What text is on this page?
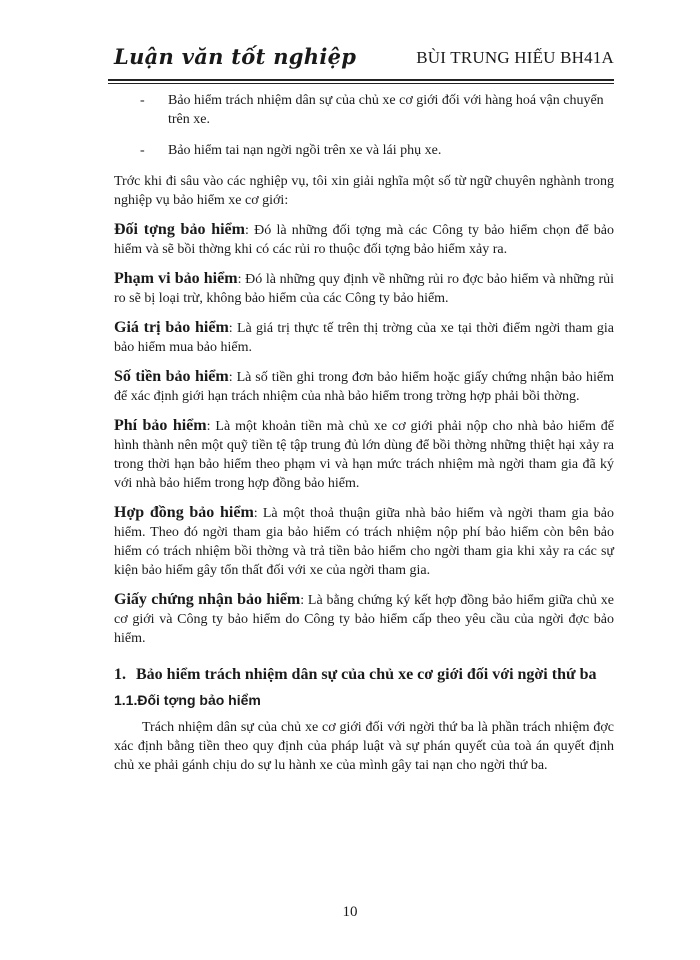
Luận văn tốt nghiệp	BÙI TRUNG HIẾU BH41A
- Bảo hiểm trách nhiệm dân sự của chủ xe cơ giới đối với hàng hoá vận chuyển trên xe.
- Bảo hiểm tai nạn ngời ngồi trên xe và lái phụ xe.

Trớc khi đi sâu vào các nghiệp vụ, tôi xin giải nghĩa một số từ ngữ chuyên nghành trong nghiệp vụ bảo hiểm xe cơ giới:

Đối tợng bảo hiểm: Đó là những đối tợng mà các Công ty bảo hiểm chọn để bảo hiểm và sẽ bồi thờng khi có các rủi ro thuộc đối tợng bảo hiểm xảy ra.

Phạm vi bảo hiểm: Đó là những quy định về những rủi ro đợc bảo hiểm và những rủi ro sẽ bị loại trừ, không bảo hiểm của các Công ty bảo hiểm.

Giá trị bảo hiểm: Là giá trị thực tế trên thị trờng của xe tại thời điểm ngời tham gia bảo hiểm mua bảo hiểm.

Số tiền bảo hiểm: Là số tiền ghi trong đơn bảo hiểm hoặc giấy chứng nhận bảo hiểm để xác định giới hạn trách nhiệm của nhà bảo hiểm trong trờng hợp phải bồi thờng.

Phí bảo hiểm: Là một khoản tiền mà chủ xe cơ giới phải nộp cho nhà bảo hiểm để hình thành nên một quỹ tiền tệ tập trung đủ lớn dùng để bồi thờng những thiệt hại xảy ra trong thời hạn bảo hiểm theo phạm vi và hạn mức trách nhiệm mà ngời tham gia đã ký với nhà bảo hiểm trong hợp đồng bảo hiểm.

Hợp đồng bảo hiểm: Là một thoả thuận giữa nhà bảo hiểm và ngời tham gia bảo hiểm. Theo đó ngời tham gia bảo hiểm có trách nhiệm nộp phí bảo hiểm còn bên bảo hiểm có trách nhiệm bồi thờng và trả tiền bảo hiểm cho ngời tham gia khi xảy ra các sự kiện bảo hiểm gây tổn thất đối với xe của ngời tham gia.

Giấy chứng nhận bảo hiểm: Là bằng chứng ký kết hợp đồng bảo hiểm giữa chủ xe cơ giới và Công ty bảo hiểm do Công ty bảo hiểm cấp theo yêu cầu của ngời đợc bảo hiểm.

1. Bảo hiểm trách nhiệm dân sự của chủ xe cơ giới đối với ngời thứ ba
1.1.Đối tợng bảo hiểm

Trách nhiệm dân sự của chủ xe cơ giới đối với ngời thứ ba là phần trách nhiệm đợc xác định bằng tiền theo quy định của pháp luật và sự phán quyết của toà án quyết định chủ xe phải gánh chịu do sự lu hành xe của mình gây tai nạn cho ngời thứ ba.

10
